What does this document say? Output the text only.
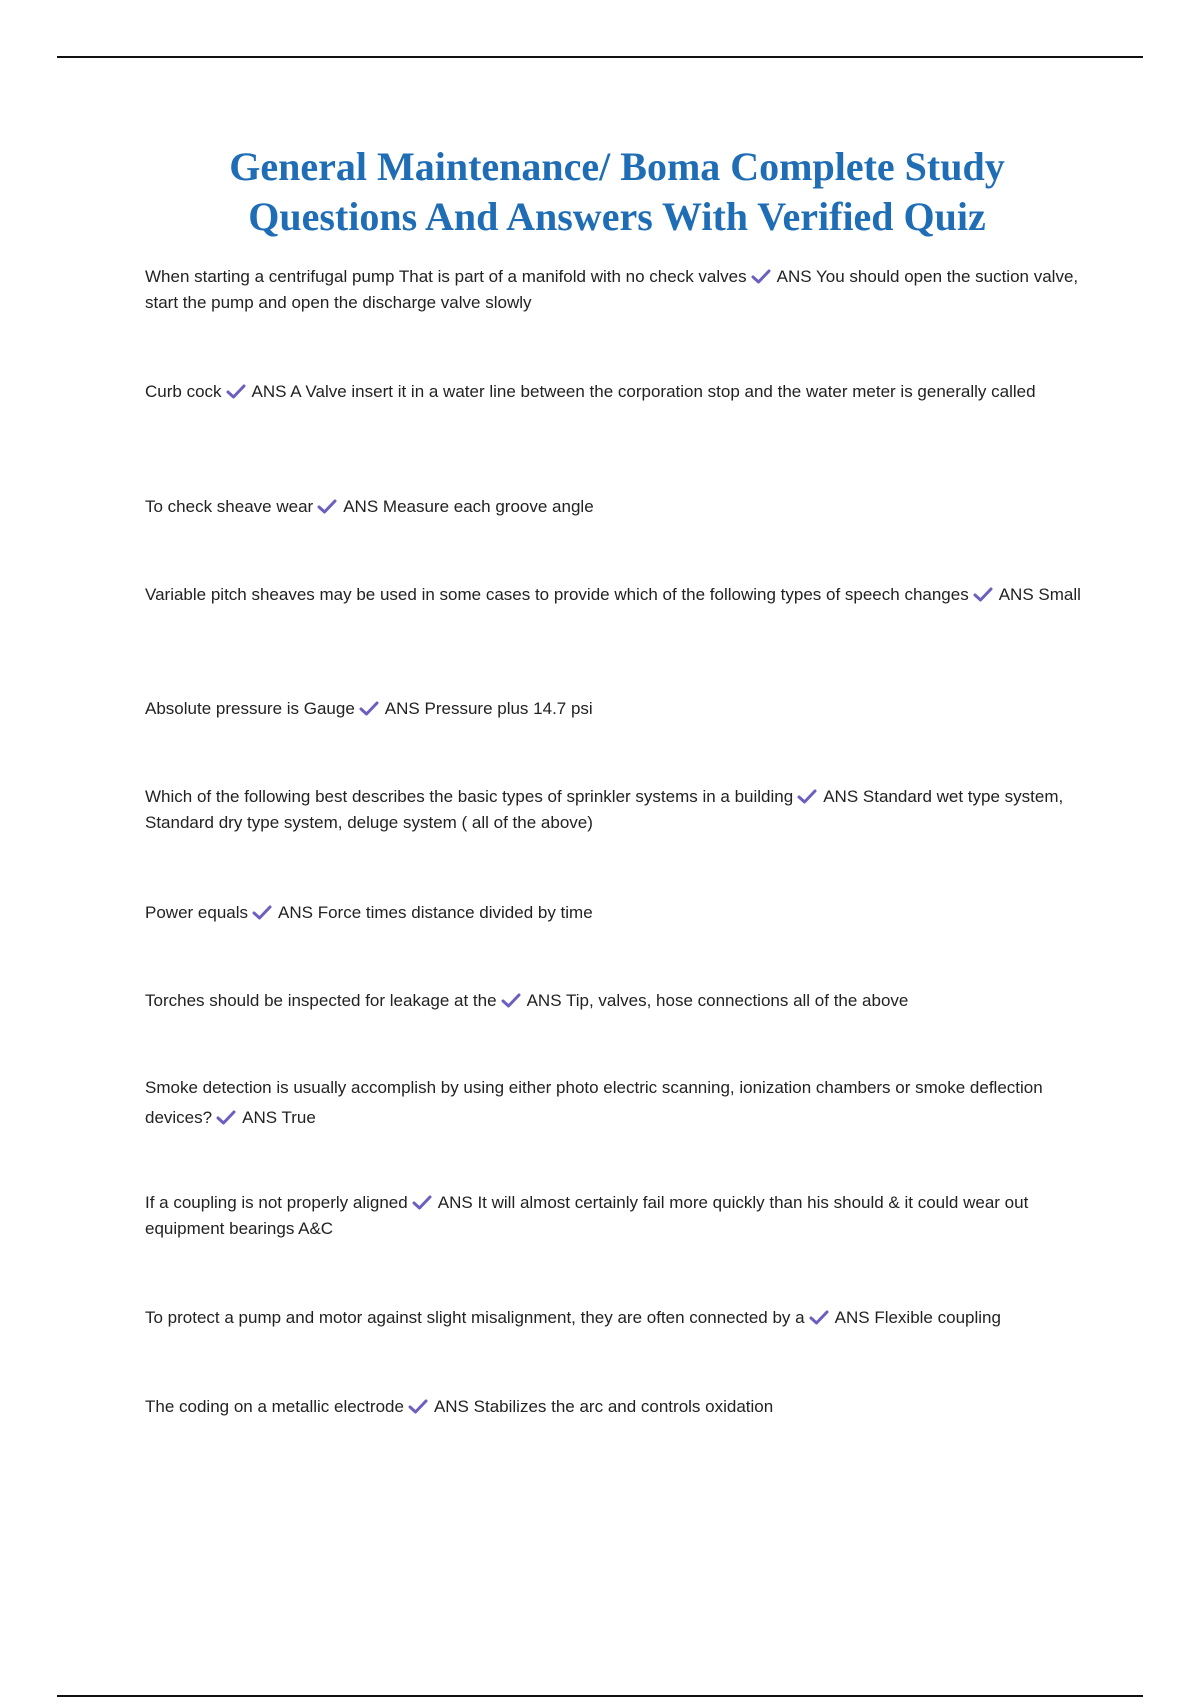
General Maintenance/ Boma Complete Study
Questions And Answers With Verified Quiz
When starting a centrifugal pump That is part of a manifold with no check valves ANS You should open the suction valve, start the pump and open the discharge valve slowly
Curb cock ANS A Valve insert it in a water line between the corporation stop and the water meter is generally called
To check sheave wear ANS Measure each groove angle
Variable pitch sheaves may be used in some cases to provide which of the following types of speech changes ANS Small
Absolute pressure is Gauge ANS Pressure plus 14.7 psi
Which of the following best describes the basic types of sprinkler systems in a building ANS Standard wet type system, Standard dry type system, deluge system ( all of the above)
Power equals ANS Force times distance divided by time
Torches should be inspected for leakage at the ANS Tip, valves, hose connections all of the above
Smoke detection is usually accomplish by using either photo electric scanning, ionization chambers or smoke deflection devices? ANS True
If a coupling is not properly aligned ANS It will almost certainly fail more quickly than his should & it could wear out equipment bearings A&C
To protect a pump and motor against slight misalignment, they are often connected by a ANS Flexible coupling
The coding on a metallic electrode ANS Stabilizes the arc and controls oxidation
